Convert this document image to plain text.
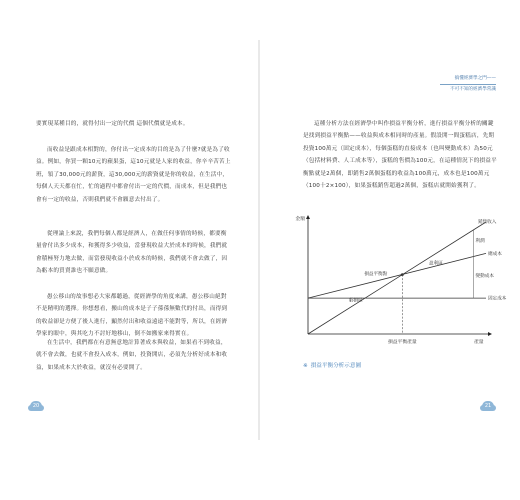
要實現某種目的，就得付出一定的代價 這個代價就是成本。

而收益是跟成本相對的，你付出一定成本的目的是為了什麼?就是為了收益。例如，你買一顆10元的蘋果蛋，這10元就是人家的收益，你辛辛苦苦上班，領了30,000元的薪資，這30,000元的薪資就是你的收益，在生活中，每個人天天都在忙，忙的過程中都會付出一定的代價，而成本，但是我們也會有一定的收益，否則我們就不會願意去付出了。

從理論上來說，我們每個人都是經濟人，在做任何事情的時候，都要衡量會付出多少成本，和獲得多少收益，當發現收益大於成本的時候，我們就會積極努力地去做，而當發現收益小於成本的時候，我們就不會去做了，因為虧本的買賣誰也不願意做。

愚公移山的故事想必大家都聽過，從經濟學的角度來講，愚公移山絕對不是精明的選擇。你想想看，搬山的成本是子子孫孫無數代的付出，而得到的收益卻是方便了後人進行，顯然付出和收益遠遠不能對等，所以，在經濟學家的眼中，與其吃力不討好地移山，倒不如搬家來得實在。

在生活中，我們都在有意無意地計算著成本與收益，如果看不到收益，就不會去做，也就不會投入成本，例如，投資開店，必須先分析好成本和收益，如果成本大於收益，就沒有必要開了。

20
搞懂經濟學之門——
不可不知的經濟學常識

這種分析方法在經濟學中叫作損益平衡分析，進行損益平衡分析的關鍵是找到損益平衡點——收益與成本相同時的產量。假設開一間蛋糕店，先期投資100萬元（固定成本），每個蛋糕的直接成本（也叫變動成本）為50元（包括材料費、人工成本等），蛋糕的售價為100元，在這種情況下的損益平衡點就是2萬個，即銷售2萬個蛋糕的收益為100萬元，成本也是100萬元（100十2×100），如果蛋糕銷售超過2萬個，蛋糕店就開始獲利了。

21
金額
產量
銷售收入
總成本
固定成本
損益平衡點
損益平衡產量
盈利區
虧損區
利潤
變動成本
※ 損益平衡分析示意圖
